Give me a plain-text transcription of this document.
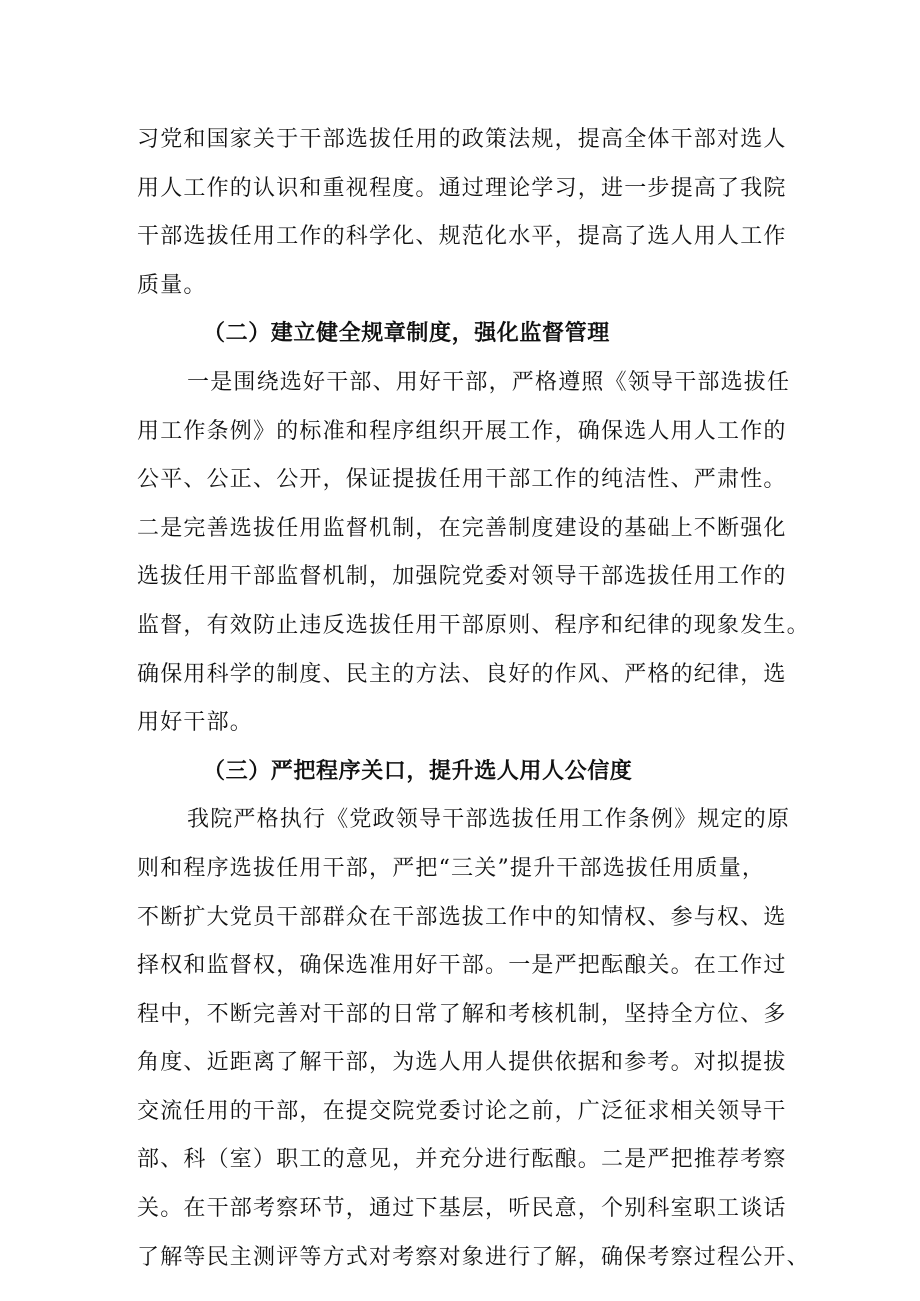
习党和国家关于干部选拔任用的政策法规，提高全体干部对选人
用人工作的认识和重视程度。通过理论学习，进一步提高了我院
干部选拔任用工作的科学化、规范化水平，提高了选人用人工作
质量。
（二）建立健全规章制度，强化监督管理
一是围绕选好干部、用好干部，严格遵照《领导干部选拔任
用工作条例》的标准和程序组织开展工作，确保选人用人工作的
公平、公正、公开，保证提拔任用干部工作的纯洁性、严肃性。
二是完善选拔任用监督机制，在完善制度建设的基础上不断强化
选拔任用干部监督机制，加强院党委对领导干部选拔任用工作的
监督，有效防止违反选拔任用干部原则、程序和纪律的现象发生。
确保用科学的制度、民主的方法、良好的作风、严格的纪律，选
用好干部。
（三）严把程序关口，提升选人用人公信度
我院严格执行《党政领导干部选拔任用工作条例》规定的原
则和程序选拔任用干部，严把“三关”提升干部选拔任用质量，
不断扩大党员干部群众在干部选拔工作中的知情权、参与权、选
择权和监督权，确保选准用好干部。一是严把酝酿关。在工作过
程中，不断完善对干部的日常了解和考核机制，坚持全方位、多
角度、近距离了解干部，为选人用人提供依据和参考。对拟提拔
交流任用的干部，在提交院党委讨论之前，广泛征求相关领导干
部、科（室）职工的意见，并充分进行酝酿。二是严把推荐考察
关。在干部考察环节，通过下基层，听民意，个别科室职工谈话
了解等民主测评等方式对考察对象进行了解，确保考察过程公开、
